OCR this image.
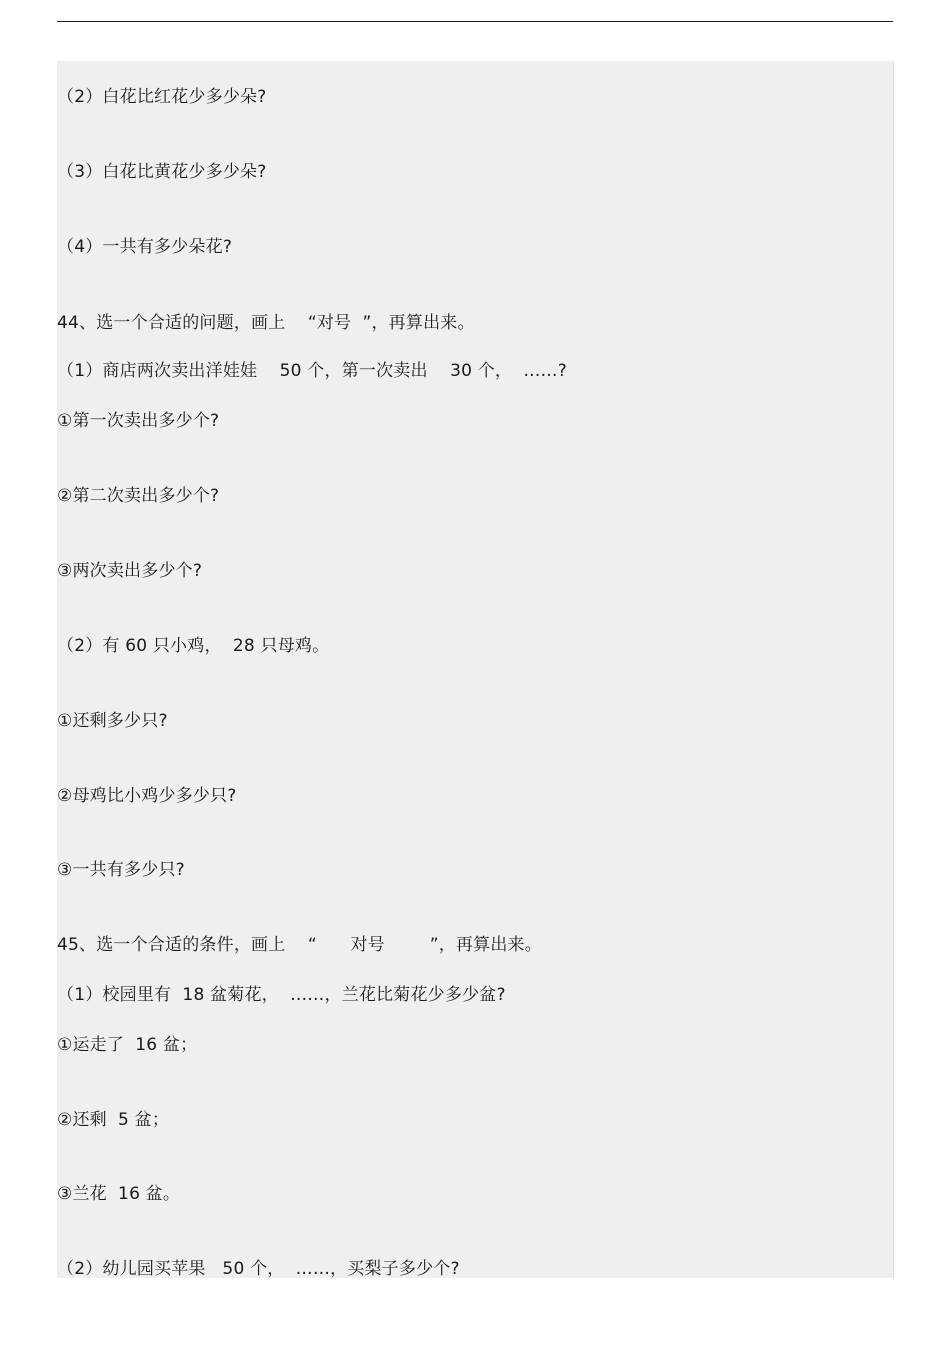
（2）白花比红花少多少朵?
（3）白花比黄花少多少朵?
（4）一共有多少朵花?
44、选一个合适的问题，画上    “对号  ”，再算出来。
（1）商店两次卖出洋娃娃    50 个，第一次卖出    30 个，  ……?
①第一次卖出多少个?
②第二次卖出多少个?
③两次卖出多少个?
（2）有 60 只小鸡，  28 只母鸡。
①还剩多少只?
②母鸡比小鸡少多少只?
③一共有多少只?
45、选一个合适的条件，画上    “      对号        ”，再算出来。
（1）校园里有  18 盆菊花，  ……，兰花比菊花少多少盆?
①运走了  16 盆；
②还剩  5 盆；
③兰花  16 盆。
（2）幼儿园买苹果   50 个，  ……，买梨子多少个?
